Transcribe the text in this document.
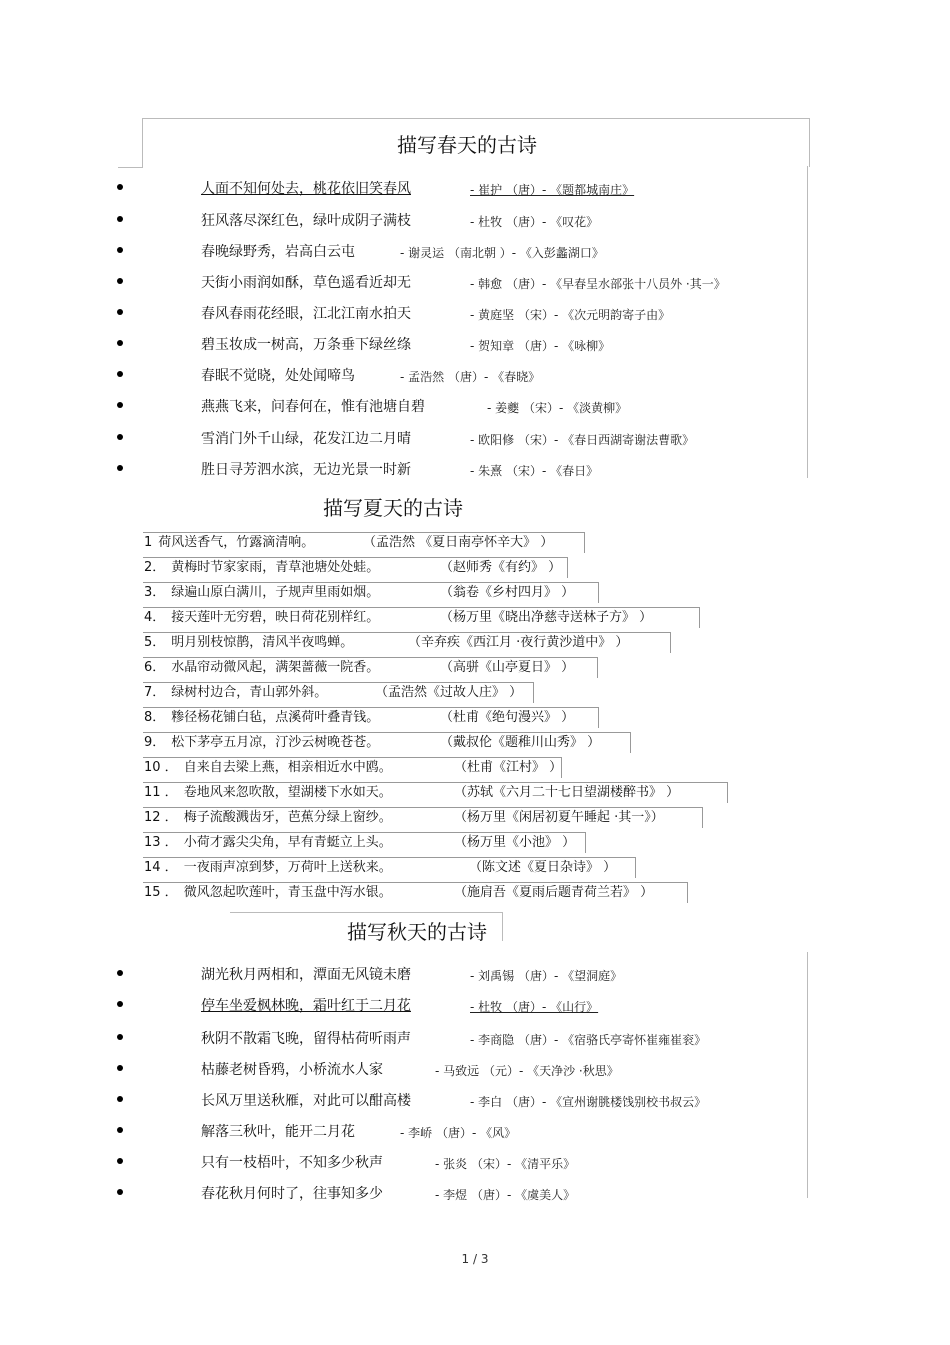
描写春天的古诗
人面不知何处去，桃花依旧笑春风	- 崔护 （唐）- 《题都城南庄》
狂风落尽深红色，绿叶成阴子满枝	- 杜牧 （唐）- 《叹花》
春晚绿野秀，岩高白云屯	- 谢灵运 （南北朝 ）- 《入彭蠡湖口》
天街小雨润如酥，草色遥看近却无	- 韩愈 （唐）- 《早春呈水部张十八员外 ·其一》
春风春雨花经眼，江北江南水拍天	- 黄庭坚 （宋）- 《次元明韵寄子由》
碧玉妆成一树高，万条垂下绿丝绦	- 贺知章 （唐）- 《咏柳》
春眠不觉晓，处处闻啼鸟	- 孟浩然 （唐）- 《春晓》
燕燕飞来，问春何在，惟有池塘自碧	- 姜夔 （宋）- 《淡黄柳》
雪消门外千山绿，花发江边二月晴	- 欧阳修 （宋）- 《春日西湖寄谢法曹歌》
胜日寻芳泗水滨，无边光景一时新	- 朱熹 （宋）- 《春日》
描写夏天的古诗
1 荷风送香气，竹露滴清响。	（孟浩然 《夏日南亭怀辛大》 ）
2． 黄梅时节家家雨，青草池塘处处蛙。	（赵师秀《有约》 ）
3． 绿遍山原白满川，子规声里雨如烟。	（翁卷《乡村四月》 ）
4． 接天莲叶无穷碧，映日荷花别样红。	（杨万里《晓出净慈寺送林子方》 ）
5． 明月别枝惊鹊，清风半夜鸣蝉。	（辛弃疾《西江月 ·夜行黄沙道中》 ）
6． 水晶帘动微风起，满架蔷薇一院香。	（高骈《山亭夏日》 ）
7． 绿树村边合，青山郭外斜。	（孟浩然《过故人庄》 ）
8． 糁径杨花铺白毡，点溪荷叶叠青钱。	（杜甫《绝句漫兴》 ）
9． 松下茅亭五月凉，汀沙云树晚苍苍。	（戴叔伦《题稚川山秀》 ）
10 ． 自来自去梁上燕，相亲相近水中鸥。	（杜甫《江村》 ）
11 ． 卷地风来忽吹散，望湖楼下水如天。	（苏轼《六月二十七日望湖楼醉书》 ）
12 ． 梅子流酸溅齿牙，芭蕉分绿上窗纱。	（杨万里《闲居初夏午睡起 ·其一》）
13 ． 小荷才露尖尖角，早有青蜓立上头。	（杨万里《小池》 ）
14 ． 一夜雨声凉到梦，万荷叶上送秋来。	（陈文述《夏日杂诗》 ）
15 ． 微风忽起吹莲叶，青玉盘中泻水银。	（施肩吾《夏雨后题青荷兰若》 ）
描写秋天的古诗
湖光秋月两相和，潭面无风镜未磨	- 刘禹锡 （唐）- 《望洞庭》
停车坐爱枫林晚，霜叶红于二月花	- 杜牧 （唐）- 《山行》
秋阴不散霜飞晚，留得枯荷听雨声	- 李商隐 （唐）- 《宿骆氏亭寄怀崔雍崔衮》
枯藤老树昏鸦，小桥流水人家	- 马致远 （元）- 《天净沙 ·秋思》
长风万里送秋雁，对此可以酣高楼	- 李白 （唐）- 《宣州谢朓楼饯别校书叔云》
解落三秋叶，能开二月花	- 李峤 （唐）- 《风》
只有一枝梧叶，不知多少秋声	- 张炎 （宋）- 《清平乐》
春花秋月何时了，往事知多少	- 李煜 （唐）- 《虞美人》
1 / 3
